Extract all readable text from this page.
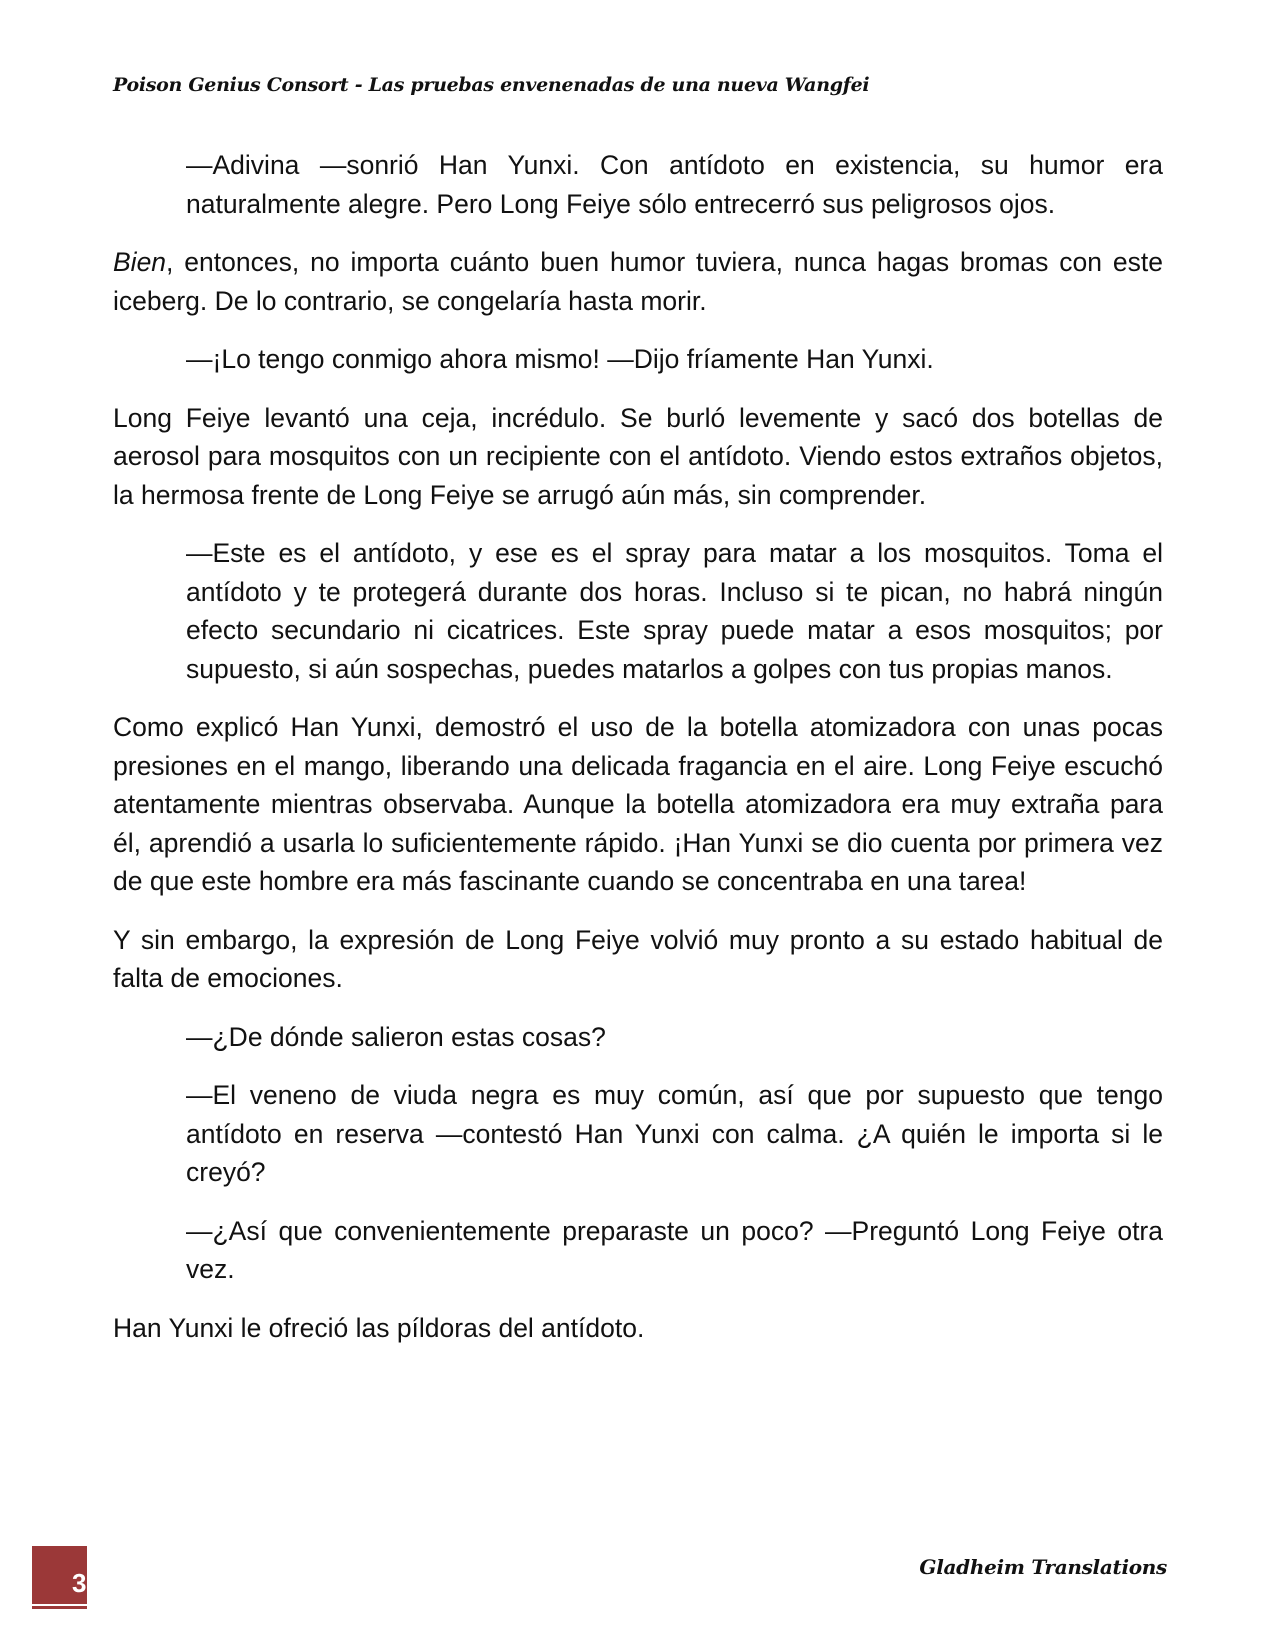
Poison Genius Consort - Las pruebas envenenadas de una nueva Wangfei

—Adivina —sonrió Han Yunxi. Con antídoto en existencia, su humor era naturalmente alegre. Pero Long Feiye sólo entrecerró sus peligrosos ojos.

Bien, entonces, no importa cuánto buen humor tuviera, nunca hagas bromas con este iceberg. De lo contrario, se congelaría hasta morir.

—¡Lo tengo conmigo ahora mismo! —Dijo fríamente Han Yunxi.

Long Feiye levantó una ceja, incrédulo. Se burló levemente y sacó dos botellas de aerosol para mosquitos con un recipiente con el antídoto. Viendo estos extraños objetos, la hermosa frente de Long Feiye se arrugó aún más, sin comprender.

—Este es el antídoto, y ese es el spray para matar a los mosquitos. Toma el antídoto y te protegerá durante dos horas. Incluso si te pican, no habrá ningún efecto secundario ni cicatrices. Este spray puede matar a esos mosquitos; por supuesto, si aún sospechas, puedes matarlos a golpes con tus propias manos.

Como explicó Han Yunxi, demostró el uso de la botella atomizadora con unas pocas presiones en el mango, liberando una delicada fragancia en el aire. Long Feiye escuchó atentamente mientras observaba. Aunque la botella atomizadora era muy extraña para él, aprendió a usarla lo suficientemente rápido. ¡Han Yunxi se dio cuenta por primera vez de que este hombre era más fascinante cuando se concentraba en una tarea!

Y sin embargo, la expresión de Long Feiye volvió muy pronto a su estado habitual de falta de emociones.

—¿De dónde salieron estas cosas?

—El veneno de viuda negra es muy común, así que por supuesto que tengo antídoto en reserva —contestó Han Yunxi con calma. ¿A quién le importa si le creyó?

—¿Así que convenientemente preparaste un poco? —Preguntó Long Feiye otra vez.

Han Yunxi le ofreció las píldoras del antídoto.

3
Gladheim Translations
